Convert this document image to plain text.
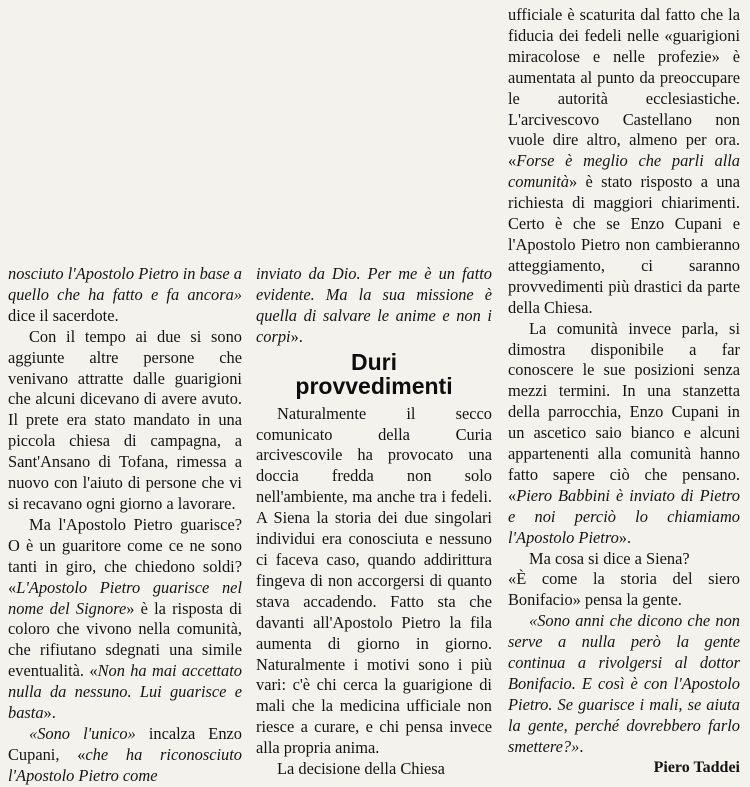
nosciuto l'Apostolo Pietro in base a quello che ha fatto e fa ancora» dice il sacerdote.

Con il tempo ai due si sono aggiunte altre persone che venivano attratte dalle guarigioni che alcuni dicevano di avere avuto. Il prete era stato mandato in una piccola chiesa di campagna, a Sant'Ansano di Tofana, rimessa a nuovo con l'aiuto di persone che vi si recavano ogni giorno a lavorare.

Ma l'Apostolo Pietro guarisce? O è un guaritore come ce ne sono tanti in giro, che chiedono soldi? «L'Apostolo Pietro guarisce nel nome del Signore» è la risposta di coloro che vivono nella comunità, che rifiutano sdegnati una simile eventualità. «Non ha mai accettato nulla da nessuno. Lui guarisce e basta».

«Sono l'unico» incalza Enzo Cupani, «che ha riconosciuto l'Apostolo Pietro come

inviato da Dio. Per me è un fatto evidente. Ma la sua missione è quella di salvare le anime e non i corpi».

Duri
provvedimenti

Naturalmente il secco comunicato della Curia arcivescovile ha provocato una doccia fredda non solo nell'ambiente, ma anche tra i fedeli. A Siena la storia dei due singolari individui era conosciuta e nessuno ci faceva caso, quando addirittura fingeva di non accorgersi di quanto stava accadendo. Fatto sta che davanti all'Apostolo Pietro la fila aumenta di giorno in giorno. Naturalmente i motivi sono i più vari: c'è chi cerca la guarigione di mali che la medicina ufficiale non riesce a curare, e chi pensa invece alla propria anima.

La decisione della Chiesa

ufficiale è scaturita dal fatto che la fiducia dei fedeli nelle «guarigioni miracolose e nelle profezie» è aumentata al punto da preoccupare le autorità ecclesiastiche. L'arcivescovo Castellano non vuole dire altro, almeno per ora. «Forse è meglio che parli alla comunità» è stato risposto a una richiesta di maggiori chiarimenti. Certo è che se Enzo Cupani e l'Apostolo Pietro non cambieranno atteggiamento, ci saranno provvedimenti più drastici da parte della Chiesa.

La comunità invece parla, si dimostra disponibile a far conoscere le sue posizioni senza mezzi termini. In una stanzetta della parrocchia, Enzo Cupani in un ascetico saio bianco e alcuni appartenenti alla comunità hanno fatto sapere ciò che pensano. «Piero Babbini è inviato di Pietro e noi perciò lo chiamiamo l'Apostolo Pietro».

Ma cosa si dice a Siena?

«È come la storia del siero Bonifacio» pensa la gente.

«Sono anni che dicono che non serve a nulla però la gente continua a rivolgersi al dottor Bonifacio. E così è con l'Apostolo Pietro. Se guarisce i mali, se aiuta la gente, perché dovrebbero farlo smettere?».

Piero Taddei
